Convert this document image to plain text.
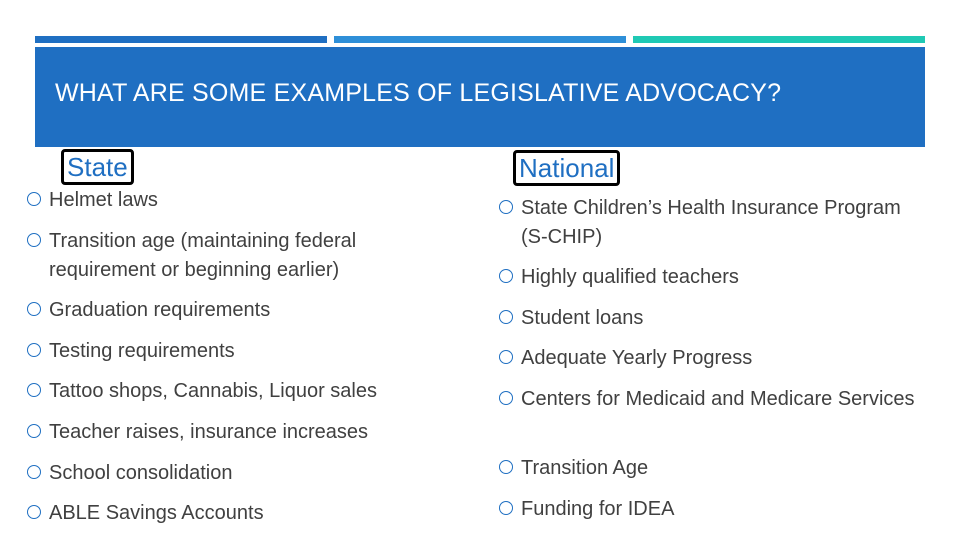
WHAT ARE SOME EXAMPLES OF LEGISLATIVE ADVOCACY?
State	National
Helmet laws
Transition age (maintaining federal requirement or beginning earlier)
Graduation requirements
Testing requirements
Tattoo shops, Cannabis, Liquor sales
Teacher raises, insurance increases
School consolidation
ABLE Savings Accounts
State Children’s Health Insurance Program (S-CHIP)
Highly qualified teachers
Student loans
Adequate Yearly Progress
Centers for Medicaid and Medicare Services
Transition Age
Funding for IDEA
